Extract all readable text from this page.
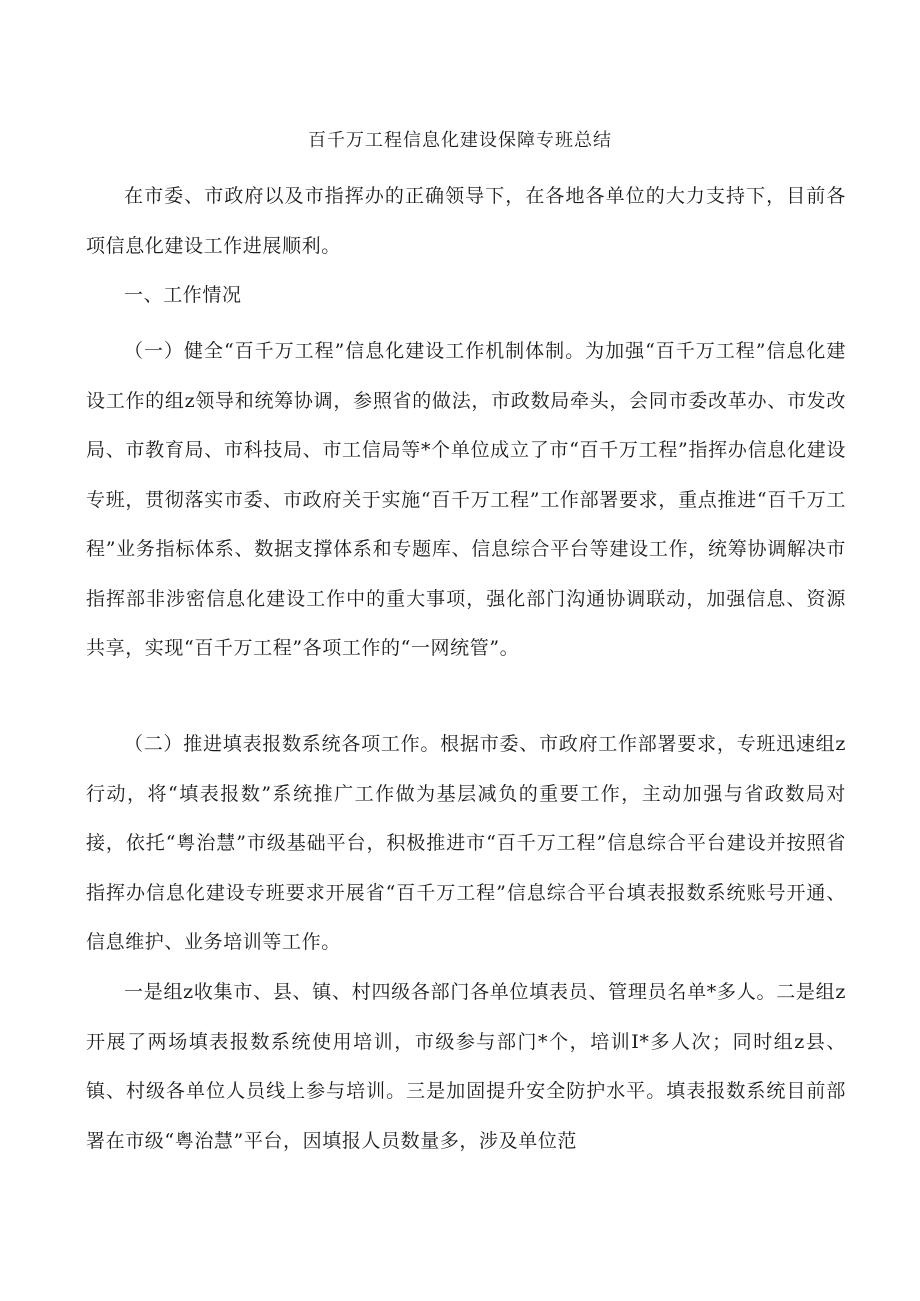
百千万工程信息化建设保障专班总结

在市委、市政府以及市指挥办的正确领导下，在各地各单位的大力支持下，目前各项信息化建设工作进展顺利。

一、工作情况

（一）健全“百千万工程”信息化建设工作机制体制。为加强“百千万工程”信息化建设工作的组z领导和统筹协调，参照省的做法，市政数局牵头，会同市委改革办、市发改局、市教育局、市科技局、市工信局等*个单位成立了市“百千万工程”指挥办信息化建设专班，贯彻落实市委、市政府关于实施“百千万工程”工作部署要求，重点推进“百千万工程”业务指标体系、数据支撑体系和专题库、信息综合平台等建设工作，统筹协调解决市指挥部非涉密信息化建设工作中的重大事项，强化部门沟通协调联动，加强信息、资源共享，实现“百千万工程”各项工作的“一网统管”。

（二）推进填表报数系统各项工作。根据市委、市政府工作部署要求，专班迅速组z行动，将“填表报数”系统推广工作做为基层减负的重要工作，主动加强与省政数局对接，依托“粤治慧”市级基础平台，积极推进市“百千万工程”信息综合平台建设并按照省指挥办信息化建设专班要求开展省“百千万工程”信息综合平台填表报数系统账号开通、信息维护、业务培训等工作。

一是组z收集市、县、镇、村四级各部门各单位填表员、管理员名单*多人。二是组z开展了两场填表报数系统使用培训，市级参与部门*个，培训I*多人次；同时组z县、镇、村级各单位人员线上参与培训。三是加固提升安全防护水平。填表报数系统目前部署在市级“粤治慧”平台，因填报人员数量多，涉及单位范
